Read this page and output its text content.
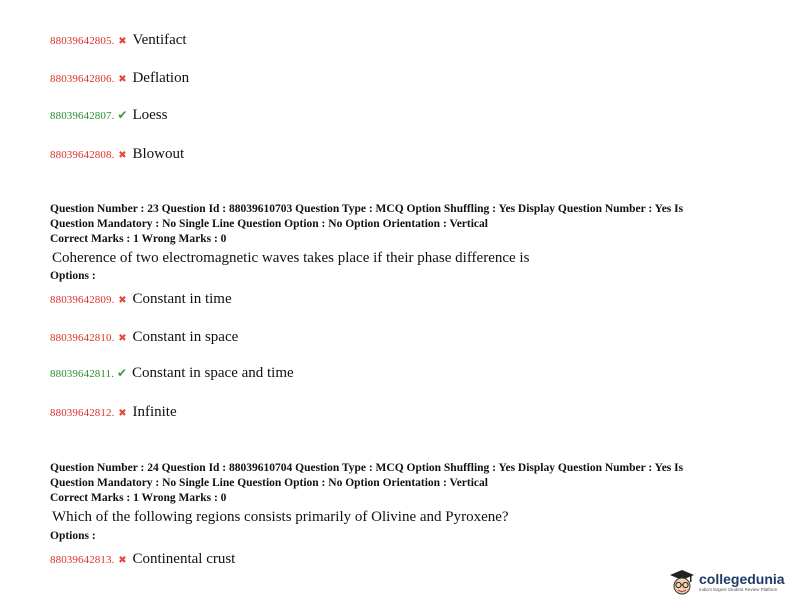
88039642805. ✖ Ventifact
88039642806. ✖ Deflation
88039642807. ✔ Loess
88039642808. ✖ Blowout
Question Number : 23 Question Id : 88039610703 Question Type : MCQ Option Shuffling : Yes Display Question Number : Yes Is
Question Mandatory : No Single Line Question Option : No Option Orientation : Vertical
Correct Marks : 1 Wrong Marks : 0
Coherence of two electromagnetic waves takes place if their phase difference is
Options :
88039642809. ✖ Constant in time
88039642810. ✖ Constant in space
88039642811. ✔ Constant in space and time
88039642812. ✖ Infinite
Question Number : 24 Question Id : 88039610704 Question Type : MCQ Option Shuffling : Yes Display Question Number : Yes Is
Question Mandatory : No Single Line Question Option : No Option Orientation : Vertical
Correct Marks : 1 Wrong Marks : 0
Which of the following regions consists primarily of Olivine and Pyroxene?
Options :
88039642813. ✖ Continental crust
collegedunia
India's largest Student Review Platform
